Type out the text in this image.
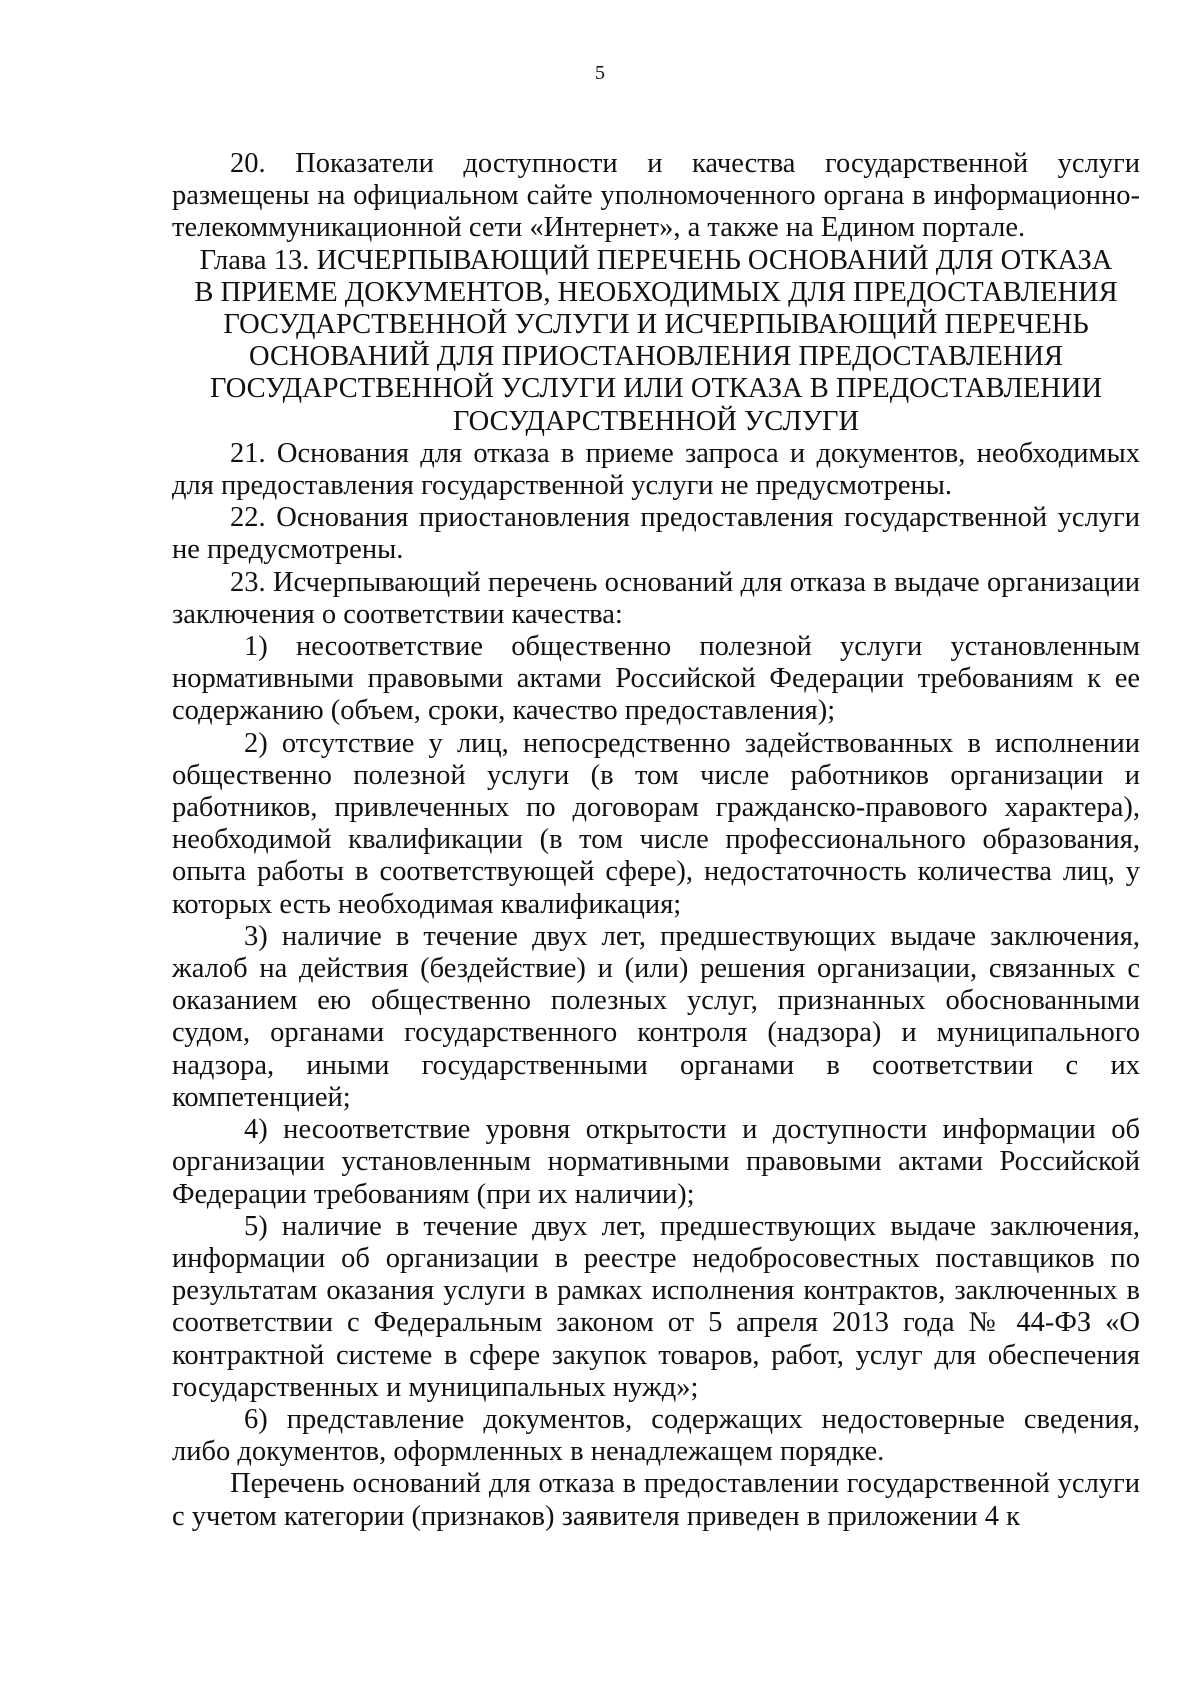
5

20. Показатели доступности и качества государственной услуги размещены на официальном сайте уполномоченного органа в информационно-телекоммуникационной сети «Интернет», а также на Едином портале.

Глава 13. ИСЧЕРПЫВАЮЩИЙ ПЕРЕЧЕНЬ ОСНОВАНИЙ ДЛЯ ОТКАЗА
В ПРИЕМЕ ДОКУМЕНТОВ, НЕОБХОДИМЫХ ДЛЯ ПРЕДОСТАВЛЕНИЯ
ГОСУДАРСТВЕННОЙ УСЛУГИ И ИСЧЕРПЫВАЮЩИЙ ПЕРЕЧЕНЬ
ОСНОВАНИЙ ДЛЯ ПРИОСТАНОВЛЕНИЯ ПРЕДОСТАВЛЕНИЯ
ГОСУДАРСТВЕННОЙ УСЛУГИ ИЛИ ОТКАЗА В ПРЕДОСТАВЛЕНИИ
ГОСУДАРСТВЕННОЙ УСЛУГИ

21. Основания для отказа в приеме запроса и документов, необходимых для предоставления государственной услуги не предусмотрены.

22. Основания приостановления предоставления государственной услуги не предусмотрены.

23. Исчерпывающий перечень оснований для отказа в выдаче организации заключения о соответствии качества:

1) несоответствие общественно полезной услуги установленным нормативными правовыми актами Российской Федерации требованиям к ее содержанию (объем, сроки, качество предоставления);

2) отсутствие у лиц, непосредственно задействованных в исполнении общественно полезной услуги (в том числе работников организации и работников, привлеченных по договорам гражданско-правового характера), необходимой квалификации (в том числе профессионального образования, опыта работы в соответствующей сфере), недостаточность количества лиц, у которых есть необходимая квалификация;

3) наличие в течение двух лет, предшествующих выдаче заключения, жалоб на действия (бездействие) и (или) решения организации, связанных с оказанием ею общественно полезных услуг, признанных обоснованными судом, органами государственного контроля (надзора) и муниципального надзора, иными государственными органами в соответствии с их компетенцией;

4) несоответствие уровня открытости и доступности информации об организации установленным нормативными правовыми актами Российской Федерации требованиям (при их наличии);

5) наличие в течение двух лет, предшествующих выдаче заключения, информации об организации в реестре недобросовестных поставщиков по результатам оказания услуги в рамках исполнения контрактов, заключенных в соответствии с Федеральным законом от 5 апреля 2013 года № 44-ФЗ «О контрактной системе в сфере закупок товаров, работ, услуг для обеспечения государственных и муниципальных нужд»;

6) представление документов, содержащих недостоверные сведения, либо документов, оформленных в ненадлежащем порядке.

Перечень оснований для отказа в предоставлении государственной услуги с учетом категории (признаков) заявителя приведен в приложении 4 к
